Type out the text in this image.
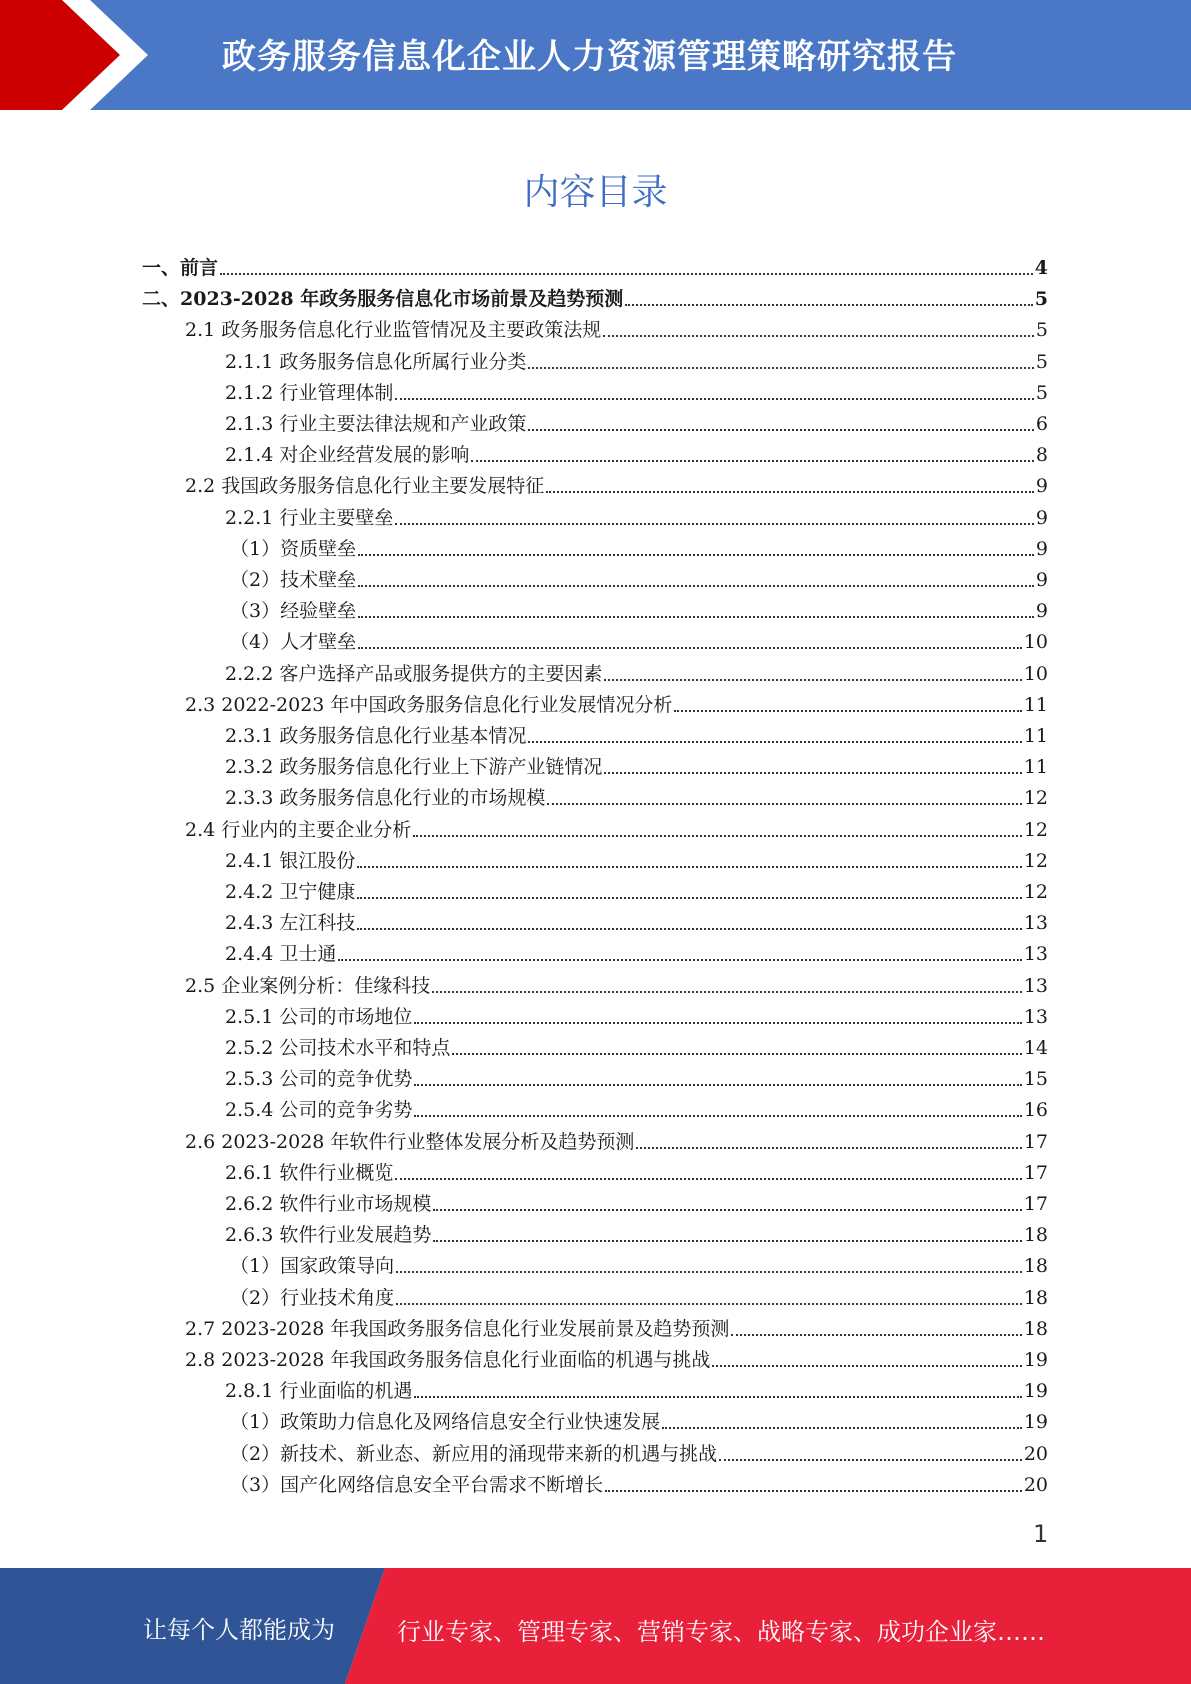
政务服务信息化企业人力资源管理策略研究报告
内容目录
一、前言	4
二、2023-2028 年政务服务信息化市场前景及趋势预测	5
2.1 政务服务信息化行业监管情况及主要政策法规	5
2.1.1 政务服务信息化所属行业分类	5
2.1.2 行业管理体制	5
2.1.3 行业主要法律法规和产业政策	6
2.1.4 对企业经营发展的影响	8
2.2 我国政务服务信息化行业主要发展特征	9
2.2.1 行业主要壁垒	9
（1）资质壁垒	9
（2）技术壁垒	9
（3）经验壁垒	9
（4）人才壁垒	10
2.2.2 客户选择产品或服务提供方的主要因素	10
2.3 2022-2023 年中国政务服务信息化行业发展情况分析	11
2.3.1 政务服务信息化行业基本情况	11
2.3.2 政务服务信息化行业上下游产业链情况	11
2.3.3 政务服务信息化行业的市场规模	12
2.4 行业内的主要企业分析	12
2.4.1 银江股份	12
2.4.2 卫宁健康	12
2.4.3 左江科技	13
2.4.4 卫士通	13
2.5 企业案例分析：佳缘科技	13
2.5.1 公司的市场地位	13
2.5.2 公司技术水平和特点	14
2.5.3 公司的竞争优势	15
2.5.4 公司的竞争劣势	16
2.6 2023-2028 年软件行业整体发展分析及趋势预测	17
2.6.1 软件行业概览	17
2.6.2 软件行业市场规模	17
2.6.3 软件行业发展趋势	18
（1）国家政策导向	18
（2）行业技术角度	18
2.7 2023-2028 年我国政务服务信息化行业发展前景及趋势预测	18
2.8 2023-2028 年我国政务服务信息化行业面临的机遇与挑战	19
2.8.1 行业面临的机遇	19
（1）政策助力信息化及网络信息安全行业快速发展	19
（2）新技术、新业态、新应用的涌现带来新的机遇与挑战	20
（3）国产化网络信息安全平台需求不断增长	20
1
让每个人都能成为	行业专家、管理专家、营销专家、战略专家、成功企业家……
